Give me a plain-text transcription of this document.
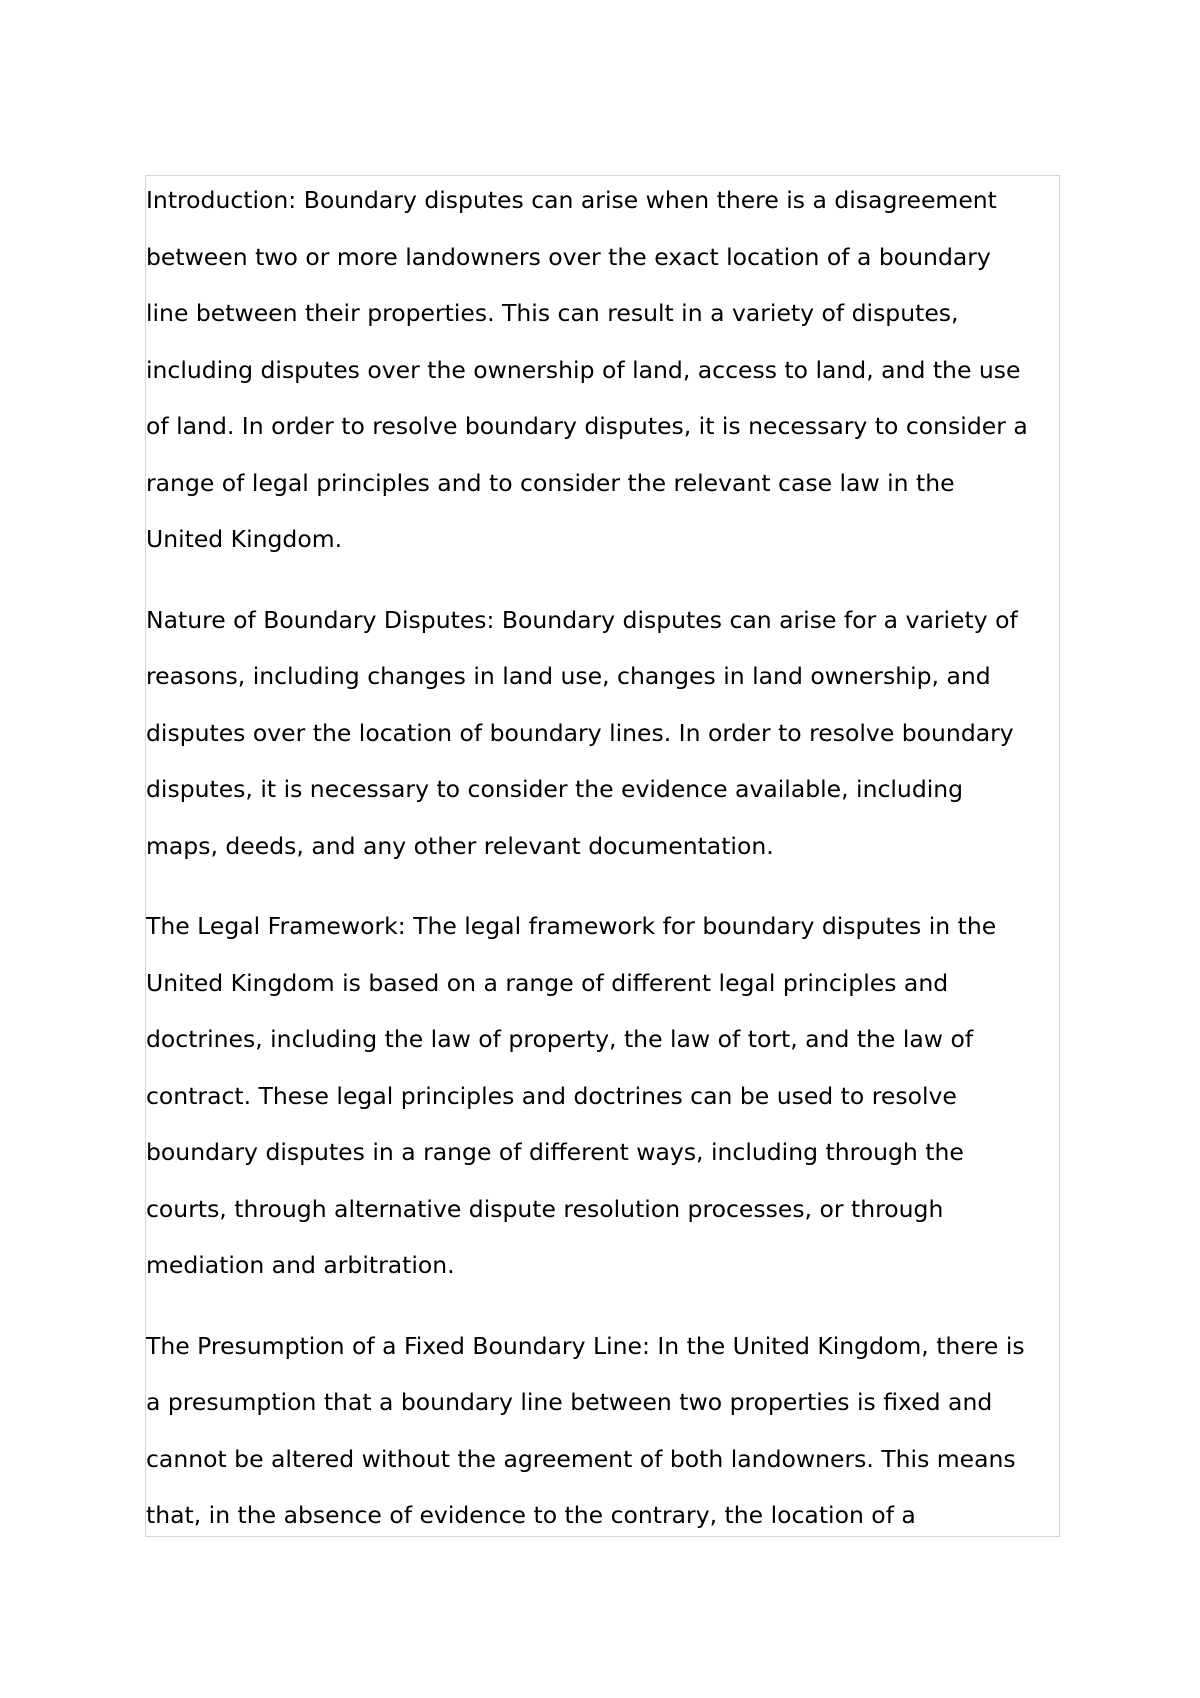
Introduction: Boundary disputes can arise when there is a disagreement
between two or more landowners over the exact location of a boundary
line between their properties. This can result in a variety of disputes,
including disputes over the ownership of land, access to land, and the use
of land. In order to resolve boundary disputes, it is necessary to consider a
range of legal principles and to consider the relevant case law in the
United Kingdom.

Nature of Boundary Disputes: Boundary disputes can arise for a variety of
reasons, including changes in land use, changes in land ownership, and
disputes over the location of boundary lines. In order to resolve boundary
disputes, it is necessary to consider the evidence available, including
maps, deeds, and any other relevant documentation.

The Legal Framework: The legal framework for boundary disputes in the
United Kingdom is based on a range of different legal principles and
doctrines, including the law of property, the law of tort, and the law of
contract. These legal principles and doctrines can be used to resolve
boundary disputes in a range of different ways, including through the
courts, through alternative dispute resolution processes, or through
mediation and arbitration.

The Presumption of a Fixed Boundary Line: In the United Kingdom, there is
a presumption that a boundary line between two properties is fixed and
cannot be altered without the agreement of both landowners. This means
that, in the absence of evidence to the contrary, the location of a
